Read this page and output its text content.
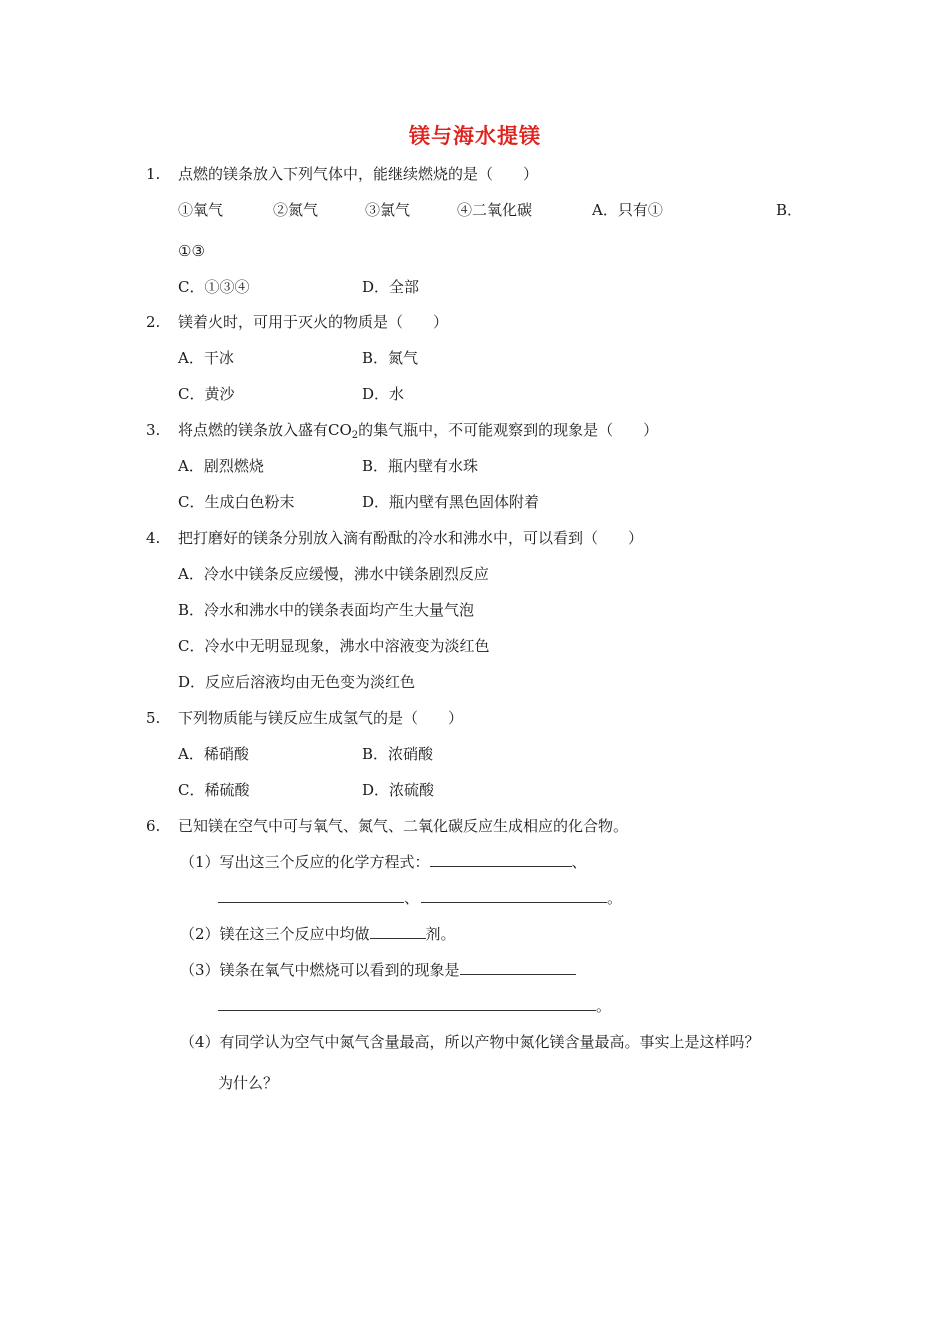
镁与海水提镁
1. 点燃的镁条放入下列气体中，能继续燃烧的是（　　）
①氧气	②氮气	③氯气	④二氧化碳	A．只有①	B．
①③
C．①③④	D．全部
2. 镁着火时，可用于灭火的物质是（　　）
A．干冰	B．氮气
C．黄沙	D．水
3. 将点燃的镁条放入盛有$CO_2$的集气瓶中，不可能观察到的现象是（　　）
A．剧烈燃烧	B．瓶内壁有水珠
C．生成白色粉末	D．瓶内壁有黑色固体附着
4. 把打磨好的镁条分别放入滴有酚酞的冷水和沸水中，可以看到（　　）
A．冷水中镁条反应缓慢，沸水中镁条剧烈反应
B．冷水和沸水中的镁条表面均产生大量气泡
C．冷水中无明显现象，沸水中溶液变为淡红色
D．反应后溶液均由无色变为淡红色
5. 下列物质能与镁反应生成氢气的是（　　）
A．稀硝酸	B．浓硝酸
C．稀硫酸	D．浓硫酸
6. 已知镁在空气中可与氧气、氮气、二氧化碳反应生成相应的化合物。
（1）写出这三个反应的化学方程式：	、
、	。
（2）镁在这三个反应中均做	剂。
（3）镁条在氧气中燃烧可以看到的现象是
。
（4）有同学认为空气中氮气含量最高，所以产物中氮化镁含量最高。事实上是这样吗？
为什么？
